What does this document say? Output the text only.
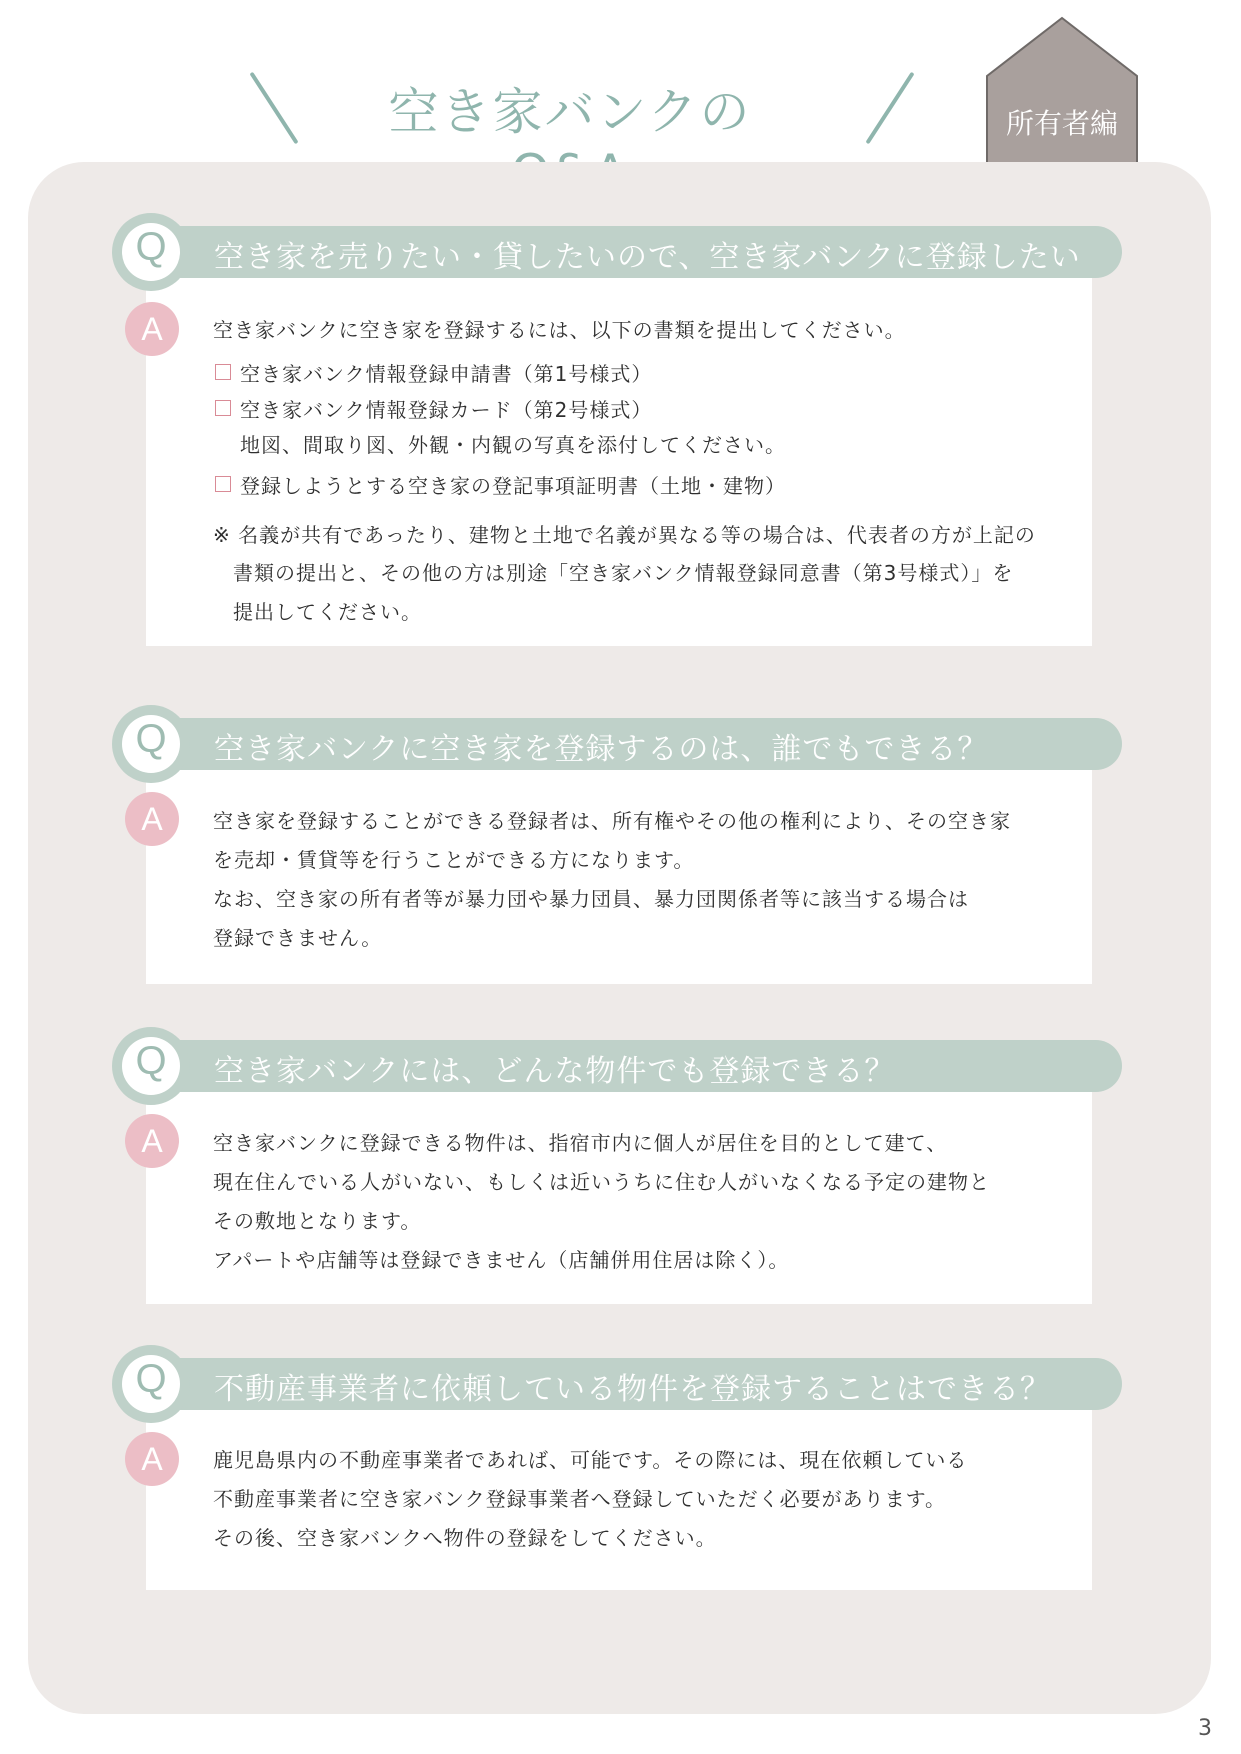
空き家バンクの	所有者編
空き家を売りたい・貸したいので、空き家バンクに登録したい
Q
A	空き家バンクに空き家を登録するには、以下の書類を提出してください。
空き家バンク情報登録申請書（第1号様式）
空き家バンク情報登録カード（第2号様式）
地図、間取り図、外観・内観の写真を添付してください。
登録しようとする空き家の登記事項証明書（土地・建物）
※ 名義が共有であったり、建物と土地で名義が異なる等の場合は、代表者の方が上記の
書類の提出と、その他の方は別途「空き家バンク情報登録同意書（第3号様式）」を
提出してください。
空き家バンクに空き家を登録するのは、誰でもできる？
Q
A	空き家を登録することができる登録者は、所有権やその他の権利により、その空き家
を売却・賃貸等を行うことができる方になります。
なお、空き家の所有者等が暴力団や暴力団員、暴力団関係者等に該当する場合は
登録できません。
空き家バンクには、どんな物件でも登録できる？
Q
A	空き家バンクに登録できる物件は、指宿市内に個人が居住を目的として建て、
現在住んでいる人がいない、もしくは近いうちに住む人がいなくなる予定の建物と
その敷地となります。
アパートや店舗等は登録できません（店舗併用住居は除く）。
不動産事業者に依頼している物件を登録することはできる？
Q
A	鹿児島県内の不動産事業者であれば、可能です。その際には、現在依頼している
不動産事業者に空き家バンク登録事業者へ登録していただく必要があります。
その後、空き家バンクへ物件の登録をしてください。
3
